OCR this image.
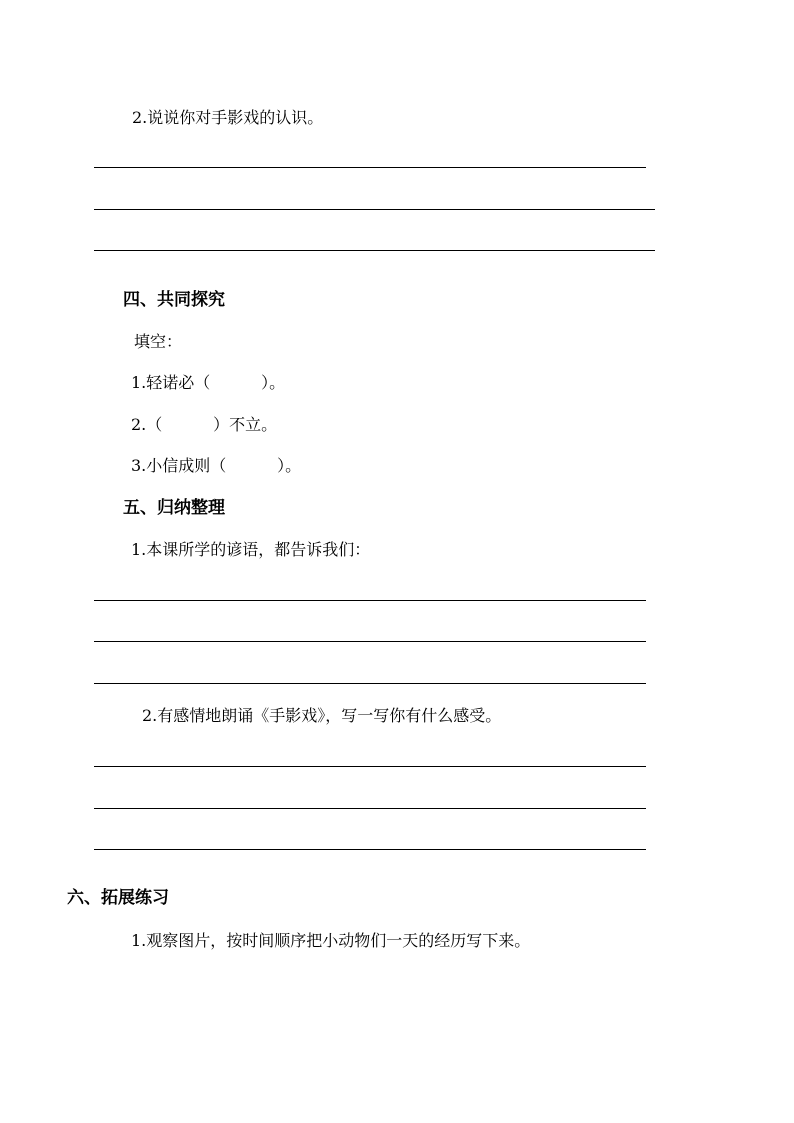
2.说说你对手影戏的认识。
四、共同探究
填空：
1.轻诺必（          ）。
2.（          ）不立。
3.小信成则（          ）。
五、归纳整理
1.本课所学的谚语，都告诉我们：
2.有感情地朗诵《手影戏》，写一写你有什么感受。
六、拓展练习
1.观察图片，按时间顺序把小动物们一天的经历写下来。
